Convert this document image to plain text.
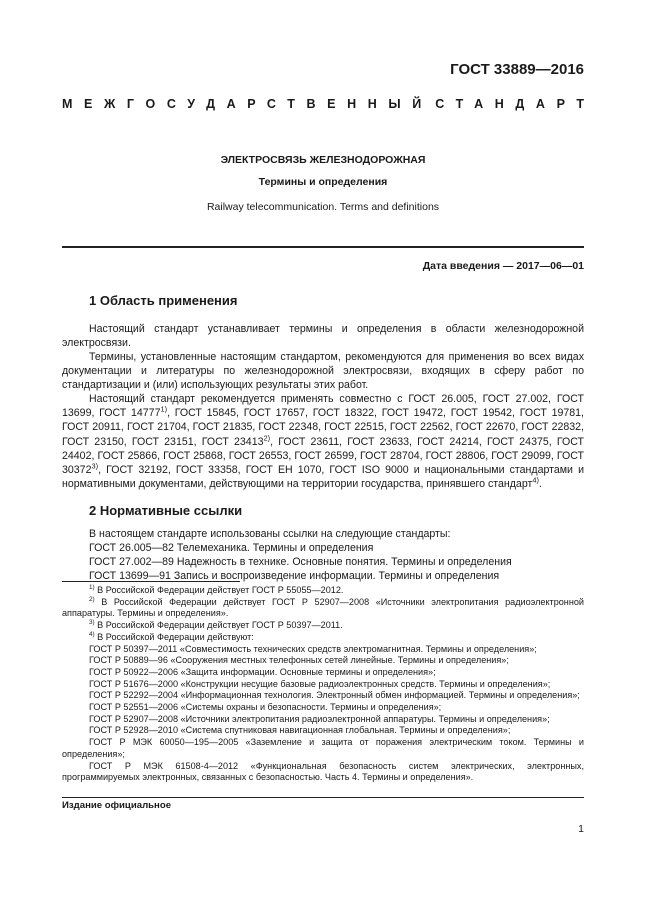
ГОСТ 33889—2016
МЕЖГОСУДАРСТВЕННЫЙ СТАНДАРТ
ЭЛЕКТРОСВЯЗЬ ЖЕЛЕЗНОДОРОЖНАЯ
Термины и определения
Railway telecommunication. Terms and definitions
Дата введения — 2017—06—01
1 Область применения

Настоящий стандарт устанавливает термины и определения в области железнодорожной электросвязи.

Термины, установленные настоящим стандартом, рекомендуются для применения во всех видах документации и литературы по железнодорожной электросвязи, входящих в сферу работ по стандартизации и (или) использующих результаты этих работ.

Настоящий стандарт рекомендуется применять совместно с ГОСТ 26.005, ГОСТ 27.002, ГОСТ 13699, ГОСТ 14777$^{1)}$, ГОСТ 15845, ГОСТ 17657, ГОСТ 18322, ГОСТ 19472, ГОСТ 19542, ГОСТ 19781, ГОСТ 20911, ГОСТ 21704, ГОСТ 21835, ГОСТ 22348, ГОСТ 22515, ГОСТ 22562, ГОСТ 22670, ГОСТ 22832, ГОСТ 23150, ГОСТ 23151, ГОСТ 23413$^{2)}$, ГОСТ 23611, ГОСТ 23633, ГОСТ 24214, ГОСТ 24375, ГОСТ 24402, ГОСТ 25866, ГОСТ 25868, ГОСТ 26553, ГОСТ 26599, ГОСТ 28704, ГОСТ 28806, ГОСТ 29099, ГОСТ 30372$^{3)}$, ГОСТ 32192, ГОСТ 33358, ГОСТ ЕН 1070, ГОСТ ISO 9000 и национальными стандартами и нормативными документами, действующими на территории государства, принявшего стандарт$^{4)}$.

2 Нормативные ссылки

В настоящем стандарте использованы ссылки на следующие стандарты:

ГОСТ 26.005—82 Телемеханика. Термины и определения

ГОСТ 27.002—89 Надежность в технике. Основные понятия. Термины и определения

ГОСТ 13699—91 Запись и воспроизведение информации. Термины и определения

$^{1)}$ В Российской Федерации действует ГОСТ Р 55055—2012.
$^{2)}$ В Российской Федерации действует ГОСТ Р 52907—2008 «Источники электропитания радиоэлектронной аппаратуры. Термины и определения».
$^{3)}$ В Российской Федерации действует ГОСТ Р 50397—2011.
$^{4)}$ В Российской Федерации действуют:
ГОСТ Р 50397—2011 «Совместимость технических средств электромагнитная. Термины и определения»;
ГОСТ Р 50889—96 «Сооружения местных телефонных сетей линейные. Термины и определения»;
ГОСТ Р 50922—2006 «Защита информации. Основные термины и определения»;
ГОСТ Р 51676—2000 «Конструкции несущие базовые радиоэлектронных средств. Термины и определения»;
ГОСТ Р 52292—2004 «Информационная технология. Электронный обмен информацией. Термины и определения»;
ГОСТ Р 52551—2006 «Системы охраны и безопасности. Термины и определения»;
ГОСТ Р 52907—2008 «Источники электропитания радиоэлектронной аппаратуры. Термины и определения»;
ГОСТ Р 52928—2010 «Система спутниковая навигационная глобальная. Термины и определения»;
ГОСТ Р МЭК 60050—195—2005 «Заземление и защита от поражения электрическим током. Термины и определения»;
ГОСТ Р МЭК 61508-4—2012 «Функциональная безопасность систем электрических, электронных, программируемых электронных, связанных с безопасностью. Часть 4. Термины и определения».
Издание официальное
1
